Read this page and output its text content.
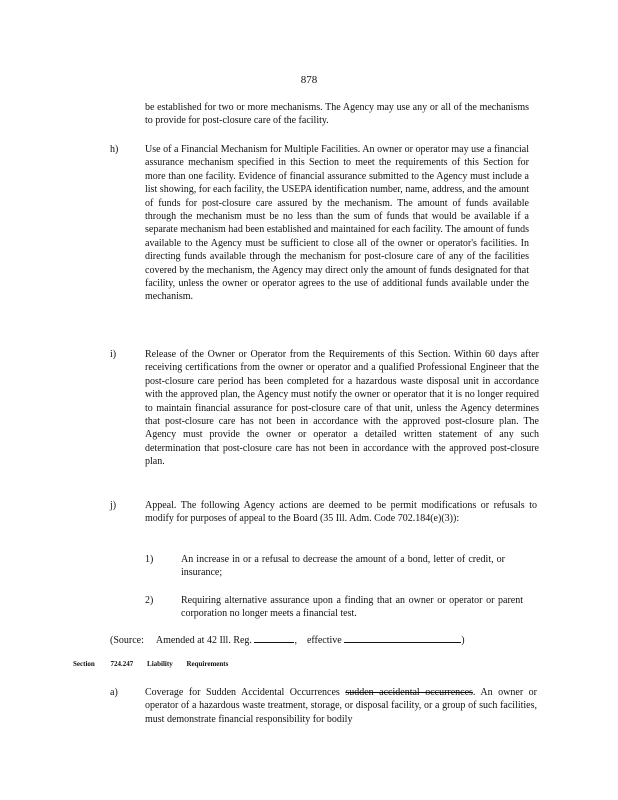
878
be established for two or more mechanisms. The Agency may use any or all of the mechanisms to provide for post-closure care of the facility.
h)	Use of a Financial Mechanism for Multiple Facilities. An owner or operator may use a financial assurance mechanism specified in this Section to meet the requirements of this Section for more than one facility. Evidence of financial assurance submitted to the Agency must include a list showing, for each facility, the USEPA identification number, name, address, and the amount of funds for post-closure care assured by the mechanism. The amount of funds available through the mechanism must be no less than the sum of funds that would be available if a separate mechanism had been established and maintained for each facility. The amount of funds available to the Agency must be sufficient to close all of the owner or operator's facilities. In directing funds available through the mechanism for post-closure care of any of the facilities covered by the mechanism, the Agency may direct only the amount of funds designated for that facility, unless the owner or operator agrees to the use of additional funds available under the mechanism.
i)	Release of the Owner or Operator from the Requirements of this Section. Within 60 days after receiving certifications from the owner or operator and a qualified Professional Engineer that the post-closure care period has been completed for a hazardous waste disposal unit in accordance with the approved plan, the Agency must notify the owner or operator that it is no longer required to maintain financial assurance for post-closure care of that unit, unless the Agency determines that post-closure care has not been in accordance with the approved post-closure plan. The Agency must provide the owner or operator a detailed written statement of any such determination that post-closure care has not been in accordance with the approved post-closure plan.
j)	Appeal. The following Agency actions are deemed to be permit modifications or refusals to modify for purposes of appeal to the Board (35 Ill. Adm. Code 702.184(e)(3)):
1)	An increase in or a refusal to decrease the amount of a bond, letter of credit, or insurance;
2)	Requiring alternative assurance upon a finding that an owner or operator or parent corporation no longer meets a financial test.
(Source: Amended at 42 Ill. Reg.	,    effective	)
Section 724.247 Liability Requirements
a)	Coverage for Sudden Accidental Occurrences sudden accidental occurrences. An owner or operator of a hazardous waste treatment, storage, or disposal facility, or a group of such facilities, must demonstrate financial responsibility for bodily
